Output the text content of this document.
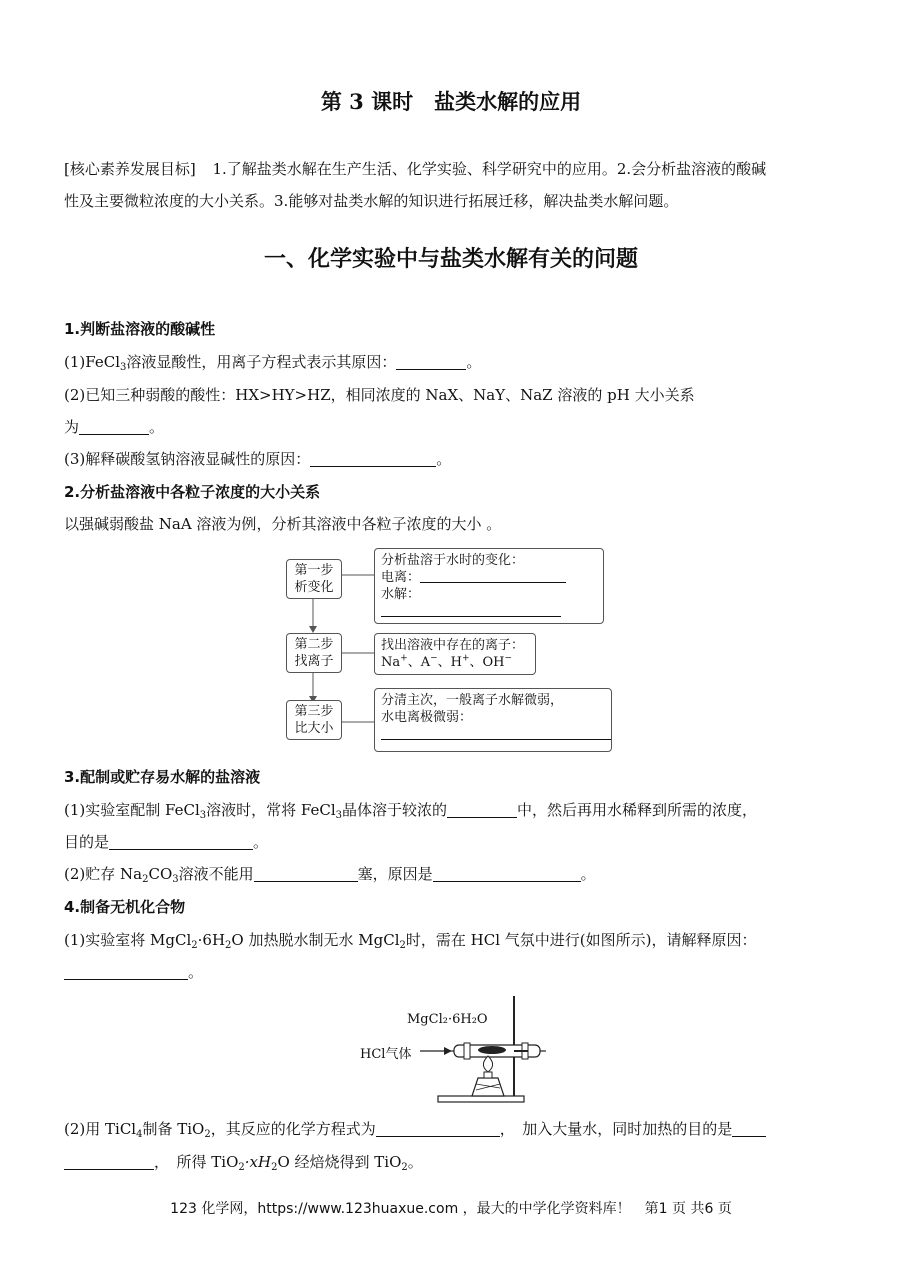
第 3 课时　盐类水解的应用
[核心素养发展目标] 1.了解盐类水解在生产生活、化学实验、科学研究中的应用。2.会分析盐溶液的酸碱
性及主要微粒浓度的大小关系。3.能够对盐类水解的知识进行拓展迁移，解决盐类水解问题。
一、化学实验中与盐类水解有关的问题
1.判断盐溶液的酸碱性
(1)FeCl$_3$溶液显酸性，用离子方程式表示其原因：	。
(2)已知三种弱酸的酸性：HX>HY>HZ，相同浓度的 NaX、NaY、NaZ 溶液的 pH 大小关系
为	。
(3)解释碳酸氢钠溶液显碱性的原因：	。
2.分析盐溶液中各粒子浓度的大小关系
以强碱弱酸盐 NaA 溶液为例，分析其溶液中各粒子浓度的大小 。
第一步
析变化
第二步
找离子
第三步
比大小
分析盐溶于水时的变化：
电离：
水解：
找出溶液中存在的离子：
Na+、A−、H+、OH−
分清主次，一般离子水解微弱，
水电离极微弱：
3.配制或贮存易水解的盐溶液
(1)实验室配制 FeCl$_3$溶液时，常将 FeCl$_3$晶体溶于较浓的	中，然后再用水稀释到所需的浓度，
目的是	。
(2)贮存 $Na_2CO_3$溶液不能用	塞，原因是	。
4.制备无机化合物
(1)实验室将 $MgCl_2\cdot 6H_2O$ 加热脱水制无水 MgCl$_2$时，需在 HCl 气氛中进行(如图所示)，请解释原因：
。
MgCl₂·6H₂O
HCl气体
(2)用 TiCl$_4$制备 TiO$_2$，其反应的化学方程式为	，　加入大量水，同时加热的目的是
，　所得 $TiO_2\cdot xH_2O$ 经焙烧得到 TiO$_2$。
123 化学网，https://www.123huaxue.com ，最大的中学化学资料库！　第1 页 共6 页
